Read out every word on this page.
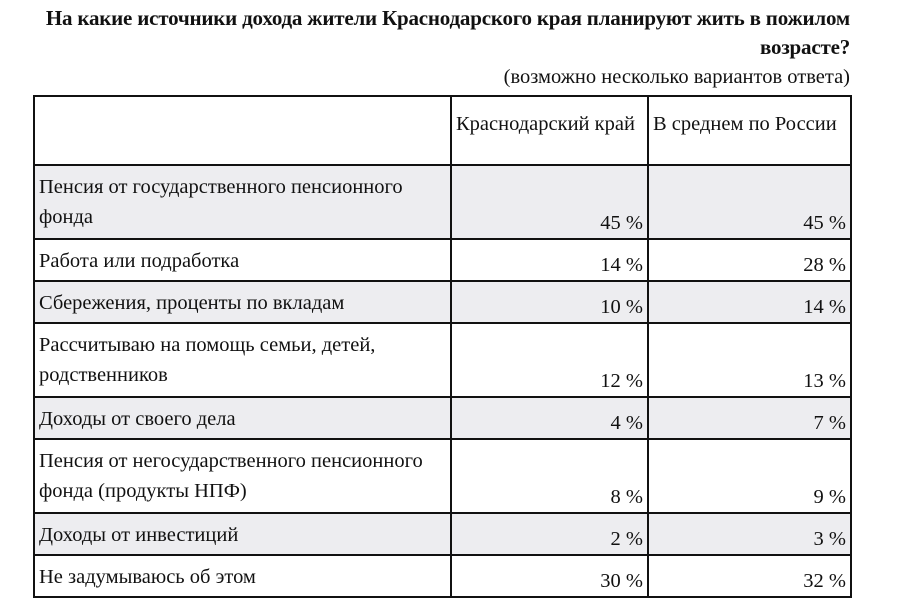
На какие источники дохода жители Краснодарского края планируют жить в пожилом возрасте?
(возможно несколько вариантов ответа)
	Краснодарский край	В среднем по России
Пенсия от государственного пенсионного фонда	45 %	45 %
Работа или подработка	14 %	28 %
Сбережения, проценты по вкладам	10 %	14 %
Рассчитываю на помощь семьи, детей, родственников	12 %	13 %
Доходы от своего дела	4 %	7 %
Пенсия от негосударственного пенсионного фонда (продукты НПФ)	8 %	9 %
Доходы от инвестиций	2 %	3 %
Не задумываюсь об этом	30 %	32 %
